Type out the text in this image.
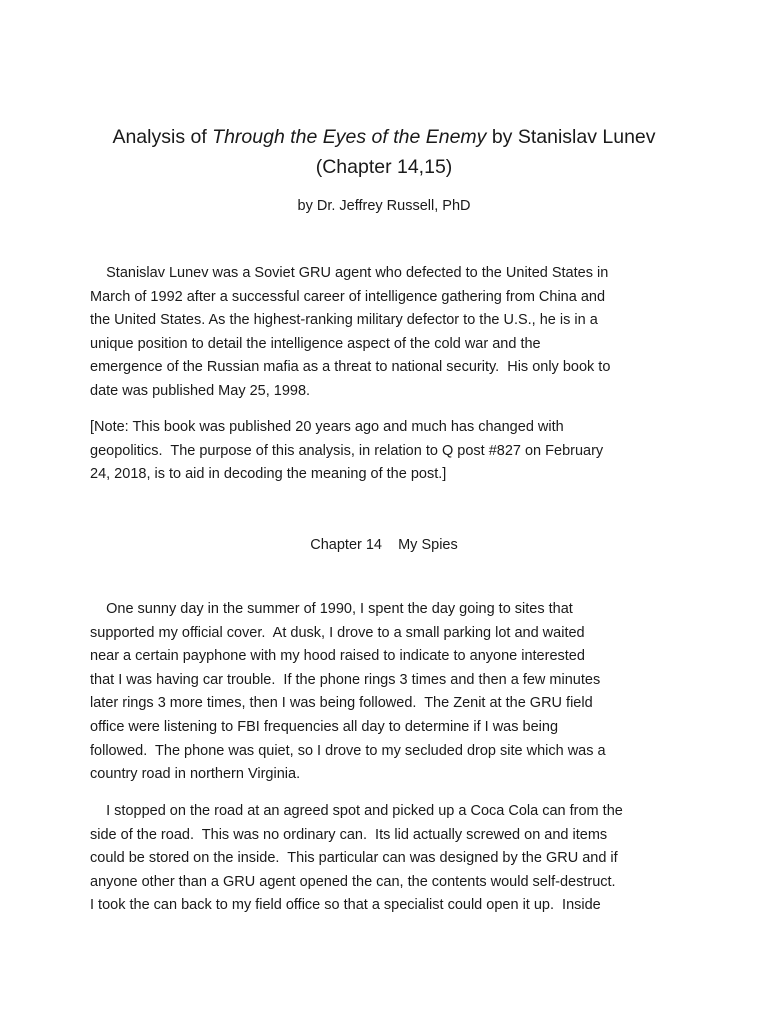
Analysis of Through the Eyes of the Enemy by Stanislav Lunev
(Chapter 14,15)
by Dr. Jeffrey Russell, PhD

Stanislav Lunev was a Soviet GRU agent who defected to the United States in
March of 1992 after a successful career of intelligence gathering from China and
the United States. As the highest-ranking military defector to the U.S., he is in a
unique position to detail the intelligence aspect of the cold war and the
emergence of the Russian mafia as a threat to national security.  His only book to
date was published May 25, 1998.

[Note: This book was published 20 years ago and much has changed with
geopolitics.  The purpose of this analysis, in relation to Q post #827 on February
24, 2018, is to aid in decoding the meaning of the post.]

Chapter 14    My Spies

One sunny day in the summer of 1990, I spent the day going to sites that
supported my official cover.  At dusk, I drove to a small parking lot and waited
near a certain payphone with my hood raised to indicate to anyone interested
that I was having car trouble.  If the phone rings 3 times and then a few minutes
later rings 3 more times, then I was being followed.  The Zenit at the GRU field
office were listening to FBI frequencies all day to determine if I was being
followed.  The phone was quiet, so I drove to my secluded drop site which was a
country road in northern Virginia.

I stopped on the road at an agreed spot and picked up a Coca Cola can from the
side of the road.  This was no ordinary can.  Its lid actually screwed on and items
could be stored on the inside.  This particular can was designed by the GRU and if
anyone other than a GRU agent opened the can, the contents would self-destruct.
I took the can back to my field office so that a specialist could open it up.  Inside
